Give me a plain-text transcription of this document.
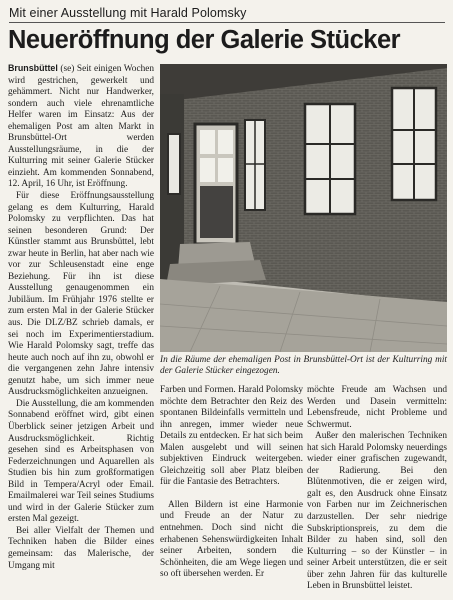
Mit einer Ausstellung mit Harald Polomsky
Neueröffnung der Galerie Stücker

Brunsbüttel (se) Seit einigen Wochen wird gestrichen, gewerkelt und gehämmert. Nicht nur Handwerker, sondern auch viele ehrenamtliche Helfer waren im Einsatz: Aus der ehemaligen Post am alten Markt in Brunsbüttel-Ort werden Ausstellungsräume, in die der Kulturring mit seiner Galerie Stücker einzieht. Am kommenden Sonnabend, 12. April, 16 Uhr, ist Eröffnung.

Für diese Eröffnungsausstellung gelang es dem Kulturring, Harald Polomsky zu verpflichten. Das hat seinen besonderen Grund: Der Künstler stammt aus Brunsbüttel, lebt zwar heute in Berlin, hat aber nach wie vor zur Schleusenstadt eine enge Beziehung. Für ihn ist diese Ausstellung genaugenommen ein Jubiläum. Im Frühjahr 1976 stellte er zum ersten Mal in der Galerie Stücker aus. Die DLZ/BZ schrieb damals, er sei noch im Experimentierstadium. Wie Harald Polomsky sagt, treffe das heute auch noch auf ihn zu, obwohl er die vergangenen zehn Jahre intensiv genutzt habe, um sich immer neue Ausdrucksmöglichkeiten anzueignen.

Die Ausstellung, die am kommenden Sonnabend eröffnet wird, gibt einen Überblick seiner jetzigen Arbeit und Ausdrucksmöglichkeit. Richtig gesehen sind es Arbeitsphasen von Federzeichnungen und Aquarellen als Studien bis hin zum großformatigen Bild in Tempera/Acryl oder Email. Emailmalerei war Teil seines Studiums und wird in der Galerie Stücker zum ersten Mal gezeigt.

Bei aller Vielfalt der Themen und Techniken haben die Bilder eines gemeinsam: das Malerische, der Umgang mit

In die Räume der ehemaligen Post in Brunsbüttel-Ort ist der Kulturring mit der Galerie Stücker eingezogen.

Farben und Formen. Harald Polomsky möchte dem Betrachter den Reiz des spontanen Bildeinfalls vermitteln und ihn anregen, immer wieder neue Details zu entdecken. Er hat sich beim Malen ausgelebt und will seinen subjektiven Eindruck weitergeben. Gleichzeitig soll aber Platz bleiben für die Fantasie des Betrachters.

Allen Bildern ist eine Harmonie und Freude an der Natur zu entnehmen. Doch sind nicht die erhabenen Sehenswürdigkeiten Inhalt seiner Arbeiten, sondern die Schönheiten, die am Wege liegen und so oft übersehen werden. Er

möchte Freude am Wachsen und Werden und Dasein vermitteln: Lebensfreude, nicht Probleme und Schwermut.

Außer den malerischen Techniken hat sich Harald Polomsky neuerdings wieder einer grafischen zugewandt, der Radierung. Bei den Blütenmotiven, die er zeigen wird, galt es, den Ausdruck ohne Einsatz von Farben nur im Zeichnerischen darzustellen. Der sehr niedrige Subskriptionspreis, zu dem die Bilder zu haben sind, soll den Kulturring – so der Künstler – in seiner Arbeit unterstützen, die er seit über zehn Jahren für das kulturelle Leben in Brunsbüttel leistet.
